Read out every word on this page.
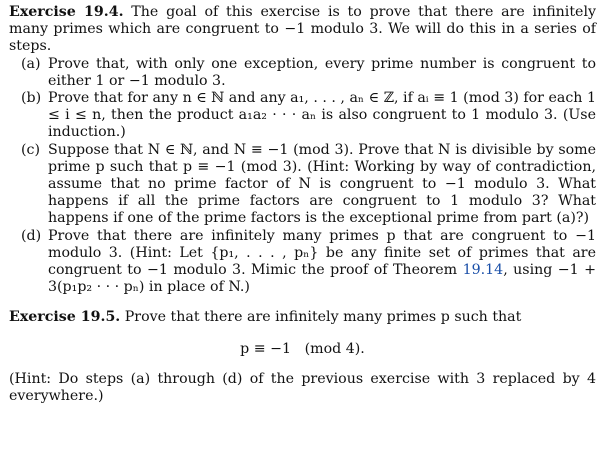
Exercise 19.4. The goal of this exercise is to prove that there are infinitely many primes which are congruent to −1 modulo 3. We will do this in a series of steps.

(a) Prove that, with only one exception, every prime number is congruent to either 1 or −1 modulo 3.
(b) Prove that for any n ∈ ℕ and any a₁, . . . , aₙ ∈ ℤ, if aᵢ ≡ 1 (mod 3) for each 1 ≤ i ≤ n, then the product a₁a₂ · · · aₙ is also congruent to 1 modulo 3. (Use induction.)
(c) Suppose that N ∈ ℕ, and N ≡ −1 (mod 3). Prove that N is divisible by some prime p such that p ≡ −1 (mod 3). (Hint: Working by way of contradiction, assume that no prime factor of N is congruent to −1 modulo 3. What happens if all the prime factors are congruent to 1 modulo 3? What happens if one of the prime factors is the exceptional prime from part (a)?)
(d) Prove that there are infinitely many primes p that are congruent to −1 modulo 3. (Hint: Let {p₁, . . . , pₙ} be any finite set of primes that are congruent to −1 modulo 3. Mimic the proof of Theorem 19.14, using −1 + 3(p₁p₂ · · · pₙ) in place of N.)

Exercise 19.5. Prove that there are infinitely many primes p such that

p ≡ −1   (mod 4).

(Hint: Do steps (a) through (d) of the previous exercise with 3 replaced by 4 everywhere.)
